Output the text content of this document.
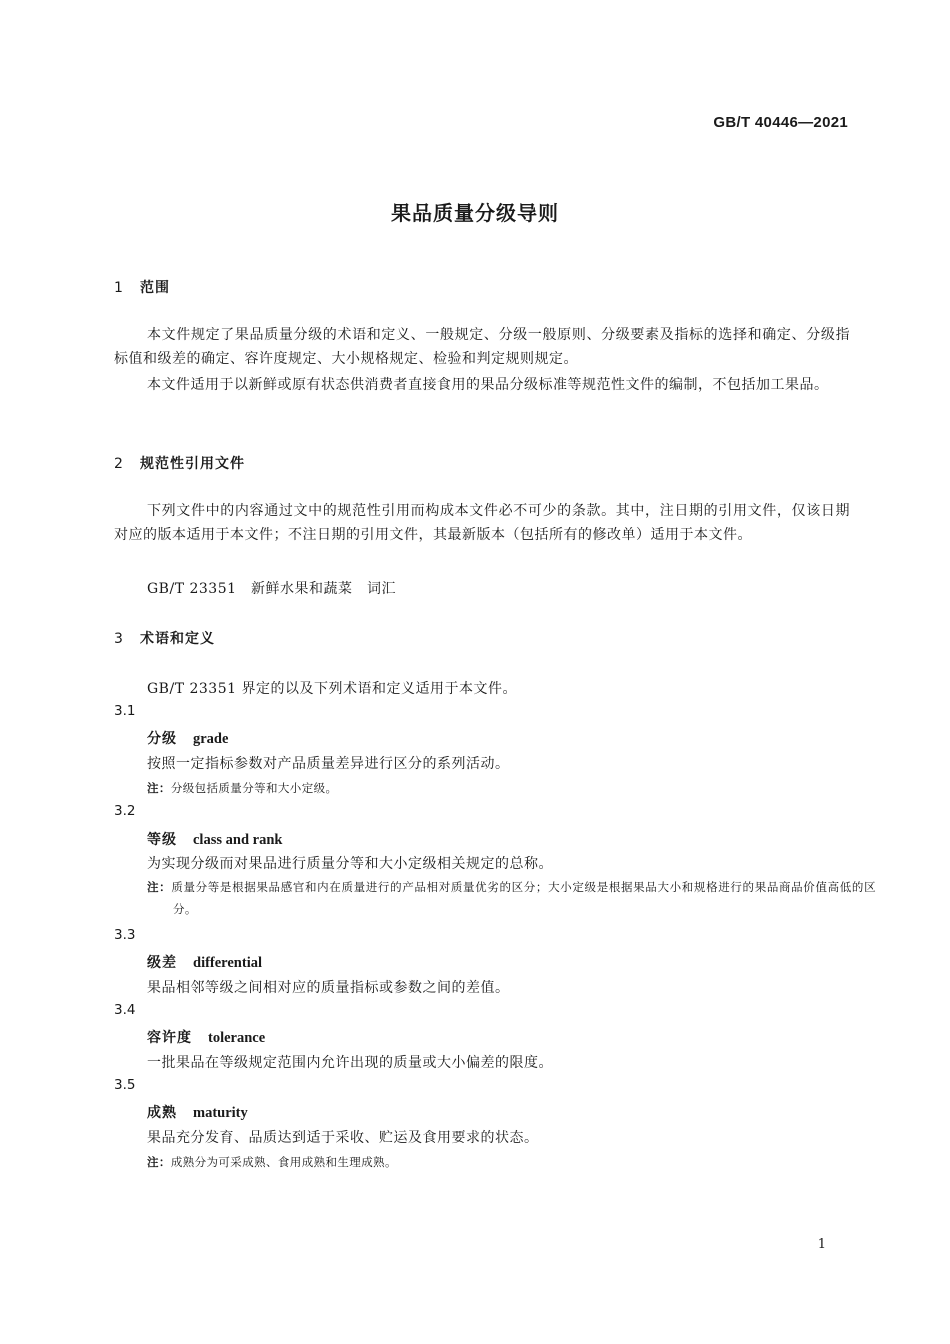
GB/T 40446—2021
果品质量分级导则
1 范围
本文件规定了果品质量分级的术语和定义、一般规定、分级一般原则、分级要素及指标的选择和确定、分级指标值和级差的确定、容许度规定、大小规格规定、检验和判定规则规定。
本文件适用于以新鲜或原有状态供消费者直接食用的果品分级标准等规范性文件的编制，不包括加工果品。
2 规范性引用文件
下列文件中的内容通过文中的规范性引用而构成本文件必不可少的条款。其中，注日期的引用文件，仅该日期对应的版本适用于本文件；不注日期的引用文件，其最新版本（包括所有的修改单）适用于本文件。
GB/T 23351　新鲜水果和蔬菜　词汇
3 术语和定义
GB/T 23351 界定的以及下列术语和定义适用于本文件。
3.1
分级 grade
按照一定指标参数对产品质量差异进行区分的系列活动。
注：分级包括质量分等和大小定级。
3.2
等级 class and rank
为实现分级而对果品进行质量分等和大小定级相关规定的总称。
注：质量分等是根据果品感官和内在质量进行的产品相对质量优劣的区分；大小定级是根据果品大小和规格进行的果品商品价值高低的区分。
3.3
级差 differential
果品相邻等级之间相对应的质量指标或参数之间的差值。
3.4
容许度 tolerance
一批果品在等级规定范围内允许出现的质量或大小偏差的限度。
3.5
成熟 maturity
果品充分发育、品质达到适于采收、贮运及食用要求的状态。
注：成熟分为可采成熟、食用成熟和生理成熟。
1
